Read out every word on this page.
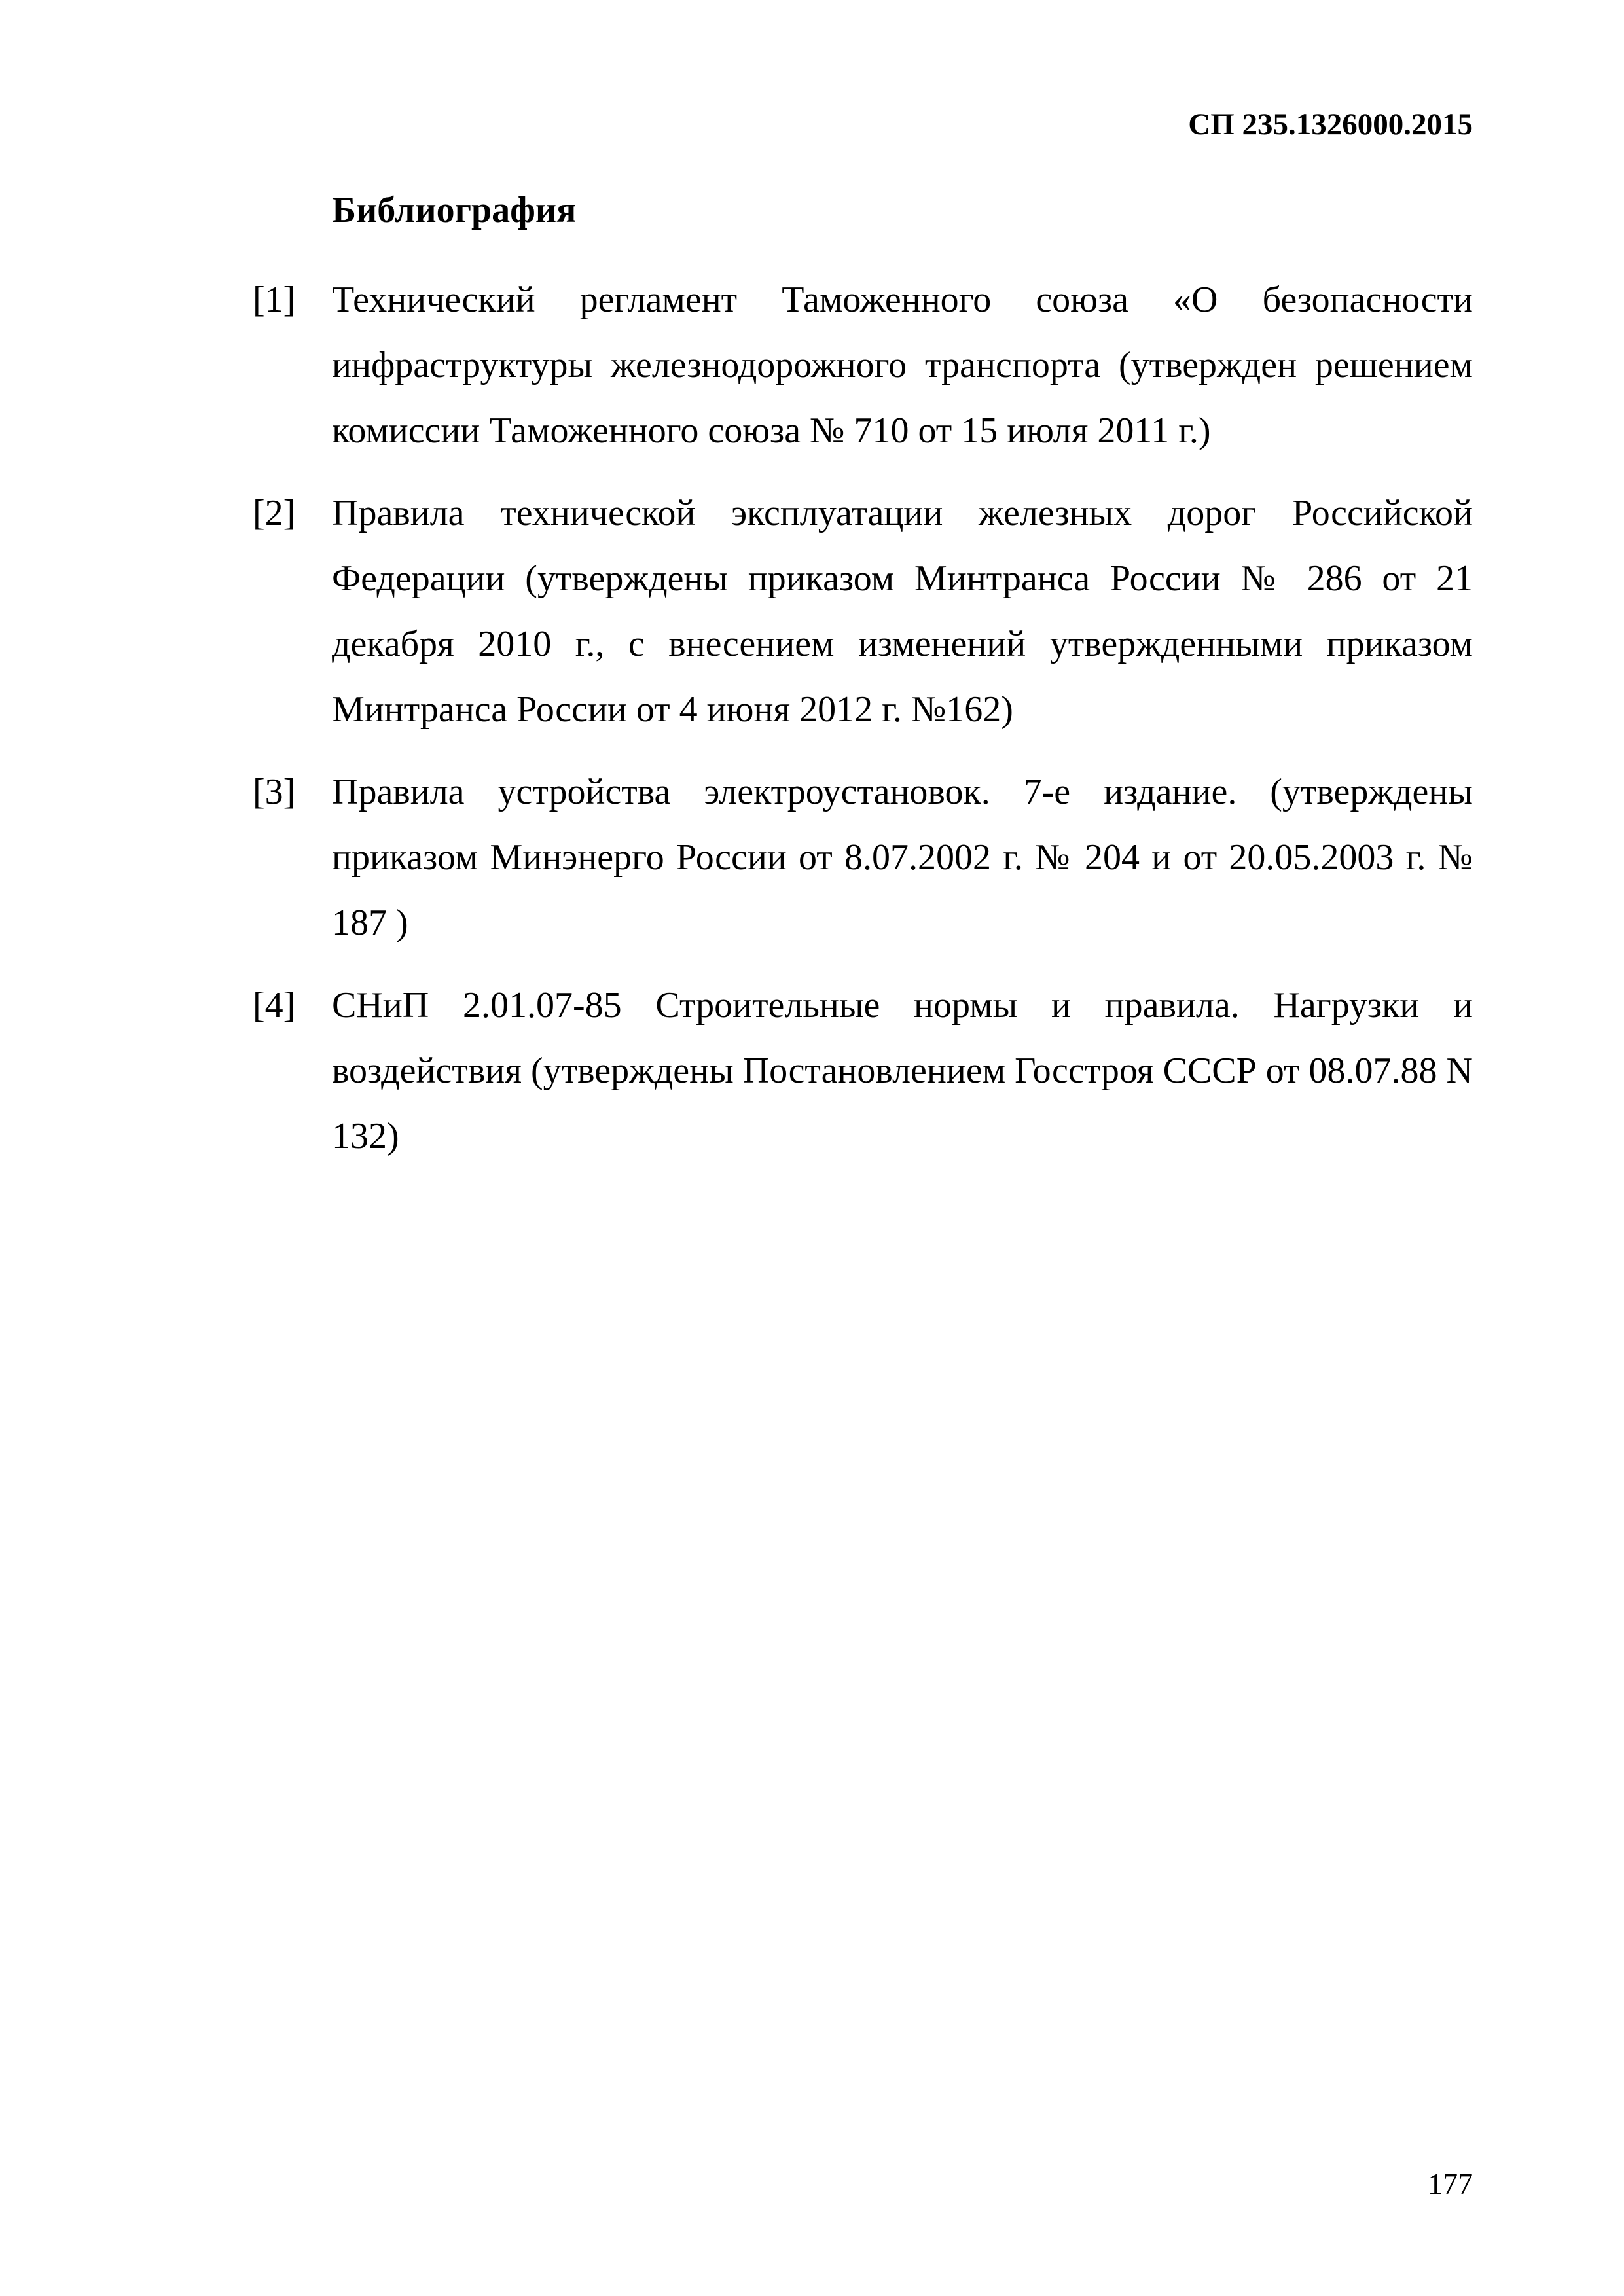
СП 235.1326000.2015
Библиография
[1] Технический регламент Таможенного союза «О безопасности инфраструктуры железнодорожного транспорта (утвержден решением комиссии Таможенного союза № 710 от 15 июля 2011 г.)
[2] Правила технической эксплуатации железных дорог Российской Федерации (утверждены приказом Минтранса России № 286 от 21 декабря 2010 г., с внесением изменений утвержденными приказом Минтранса России от 4 июня 2012 г. №162)
[3] Правила устройства электроустановок. 7-е издание. (утверждены приказом Минэнерго России от 8.07.2002 г. № 204 и от 20.05.2003 г. № 187 )
[4] СНиП 2.01.07-85 Строительные нормы и правила. Нагрузки и воздействия (утверждены Постановлением Госстроя СССР от 08.07.88 N 132)
177
